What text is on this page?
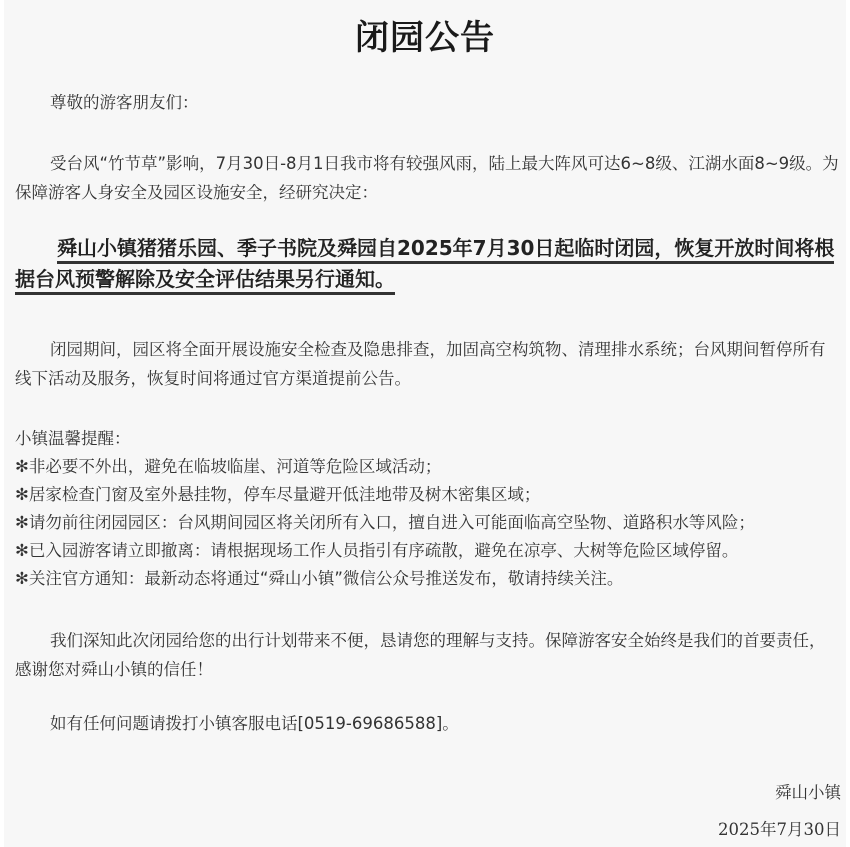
闭园公告
尊敬的游客朋友们：
受台风“竹节草”影响，7月30日-8月1日我市将有较强风雨，陆上最大阵风可达6~8级、江湖水面8~9级。为保障游客人身安全及园区设施安全，经研究决定：
舜山小镇猪猪乐园、季子书院及舜园自2025年7月30日起临时闭园，恢复开放时间将根据台风预警解除及安全评估结果另行通知。
闭园期间，园区将全面开展设施安全检查及隐患排查，加固高空构筑物、清理排水系统；台风期间暂停所有线下活动及服务，恢复时间将通过官方渠道提前公告。
小镇温馨提醒：
✻非必要不外出，避免在临坡临崖、河道等危险区域活动；
✻居家检查门窗及室外悬挂物，停车尽量避开低洼地带及树木密集区域；
✻请勿前往闭园园区：台风期间园区将关闭所有入口，擅自进入可能面临高空坠物、道路积水等风险；
✻已入园游客请立即撤离：请根据现场工作人员指引有序疏散，避免在凉亭、大树等危险区域停留。
✻关注官方通知：最新动态将通过“舜山小镇”微信公众号推送发布，敬请持续关注。
我们深知此次闭园给您的出行计划带来不便，恳请您的理解与支持。保障游客安全始终是我们的首要责任，感谢您对舜山小镇的信任！
如有任何问题请拨打小镇客服电话[0519-69686588]。
舜山小镇
2025年7月30日
